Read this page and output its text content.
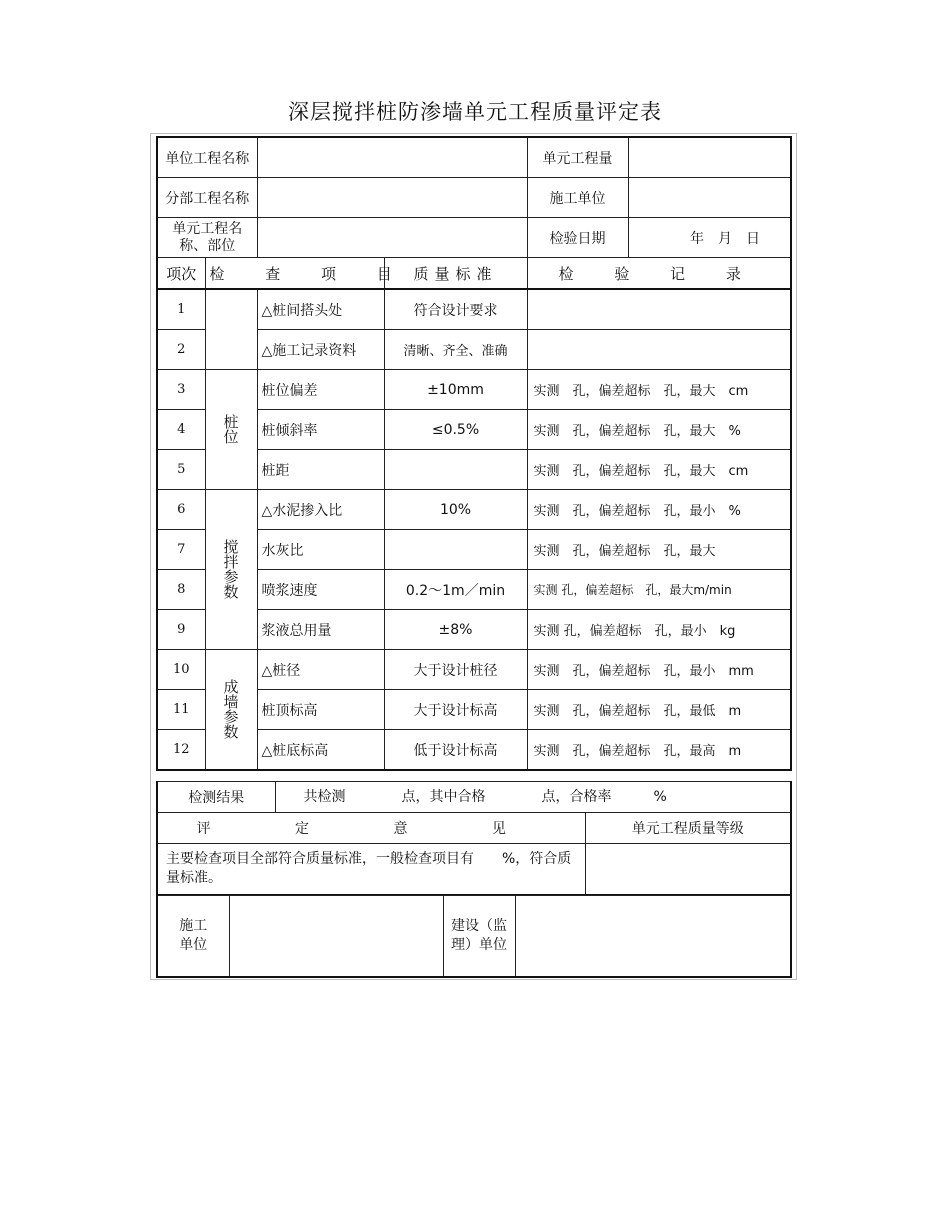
深层搅拌桩防渗墙单元工程质量评定表
单位工程名称				单元工程量

分部工程名称				施工单位

单元工程名称、部位				检验日期 年　月　日

项次	检 查 项 目		质量标准	检 验 记 录
1		△桩间搭头处	符合设计要求	
2		△施工记录资料	清晰、齐全、准确	
3	桩位	桩位偏差	±10mm	实测　孔，偏差超标　孔，最大　cm
4		桩倾斜率	≤0.5%	实测　孔，偏差超标　孔，最大　%
5		桩距		实测　孔，偏差超标　孔，最大　cm
6	搅拌参数	△水泥掺入比	10%	实测　孔，偏差超标　孔，最小　%
7		水灰比		实测　孔，偏差超标　孔，最大
8		喷浆速度	0.2～1m／min	实测 孔，偏差超标　孔，最大m/min
9		浆液总用量	±8%	实测 孔，偏差超标　孔，最小　kg
10	成墙参数	△桩径	大于设计桩径	实测　孔，偏差超标　孔，最小　mm
11		桩顶标高	大于设计标高	实测　孔，偏差超标　孔，最低　m
12		△桩底标高	低于设计标高	实测　孔，偏差超标　孔，最高　m
检测结果	共检测　　　　点，其中合格　　　　点，合格率　　　%	
评 定 意 见		单元工程质量等级
主要检查项目全部符合质量标准，一般检查项目有　　%，符合质量标准。		
施工单位

建设（监理）单位
